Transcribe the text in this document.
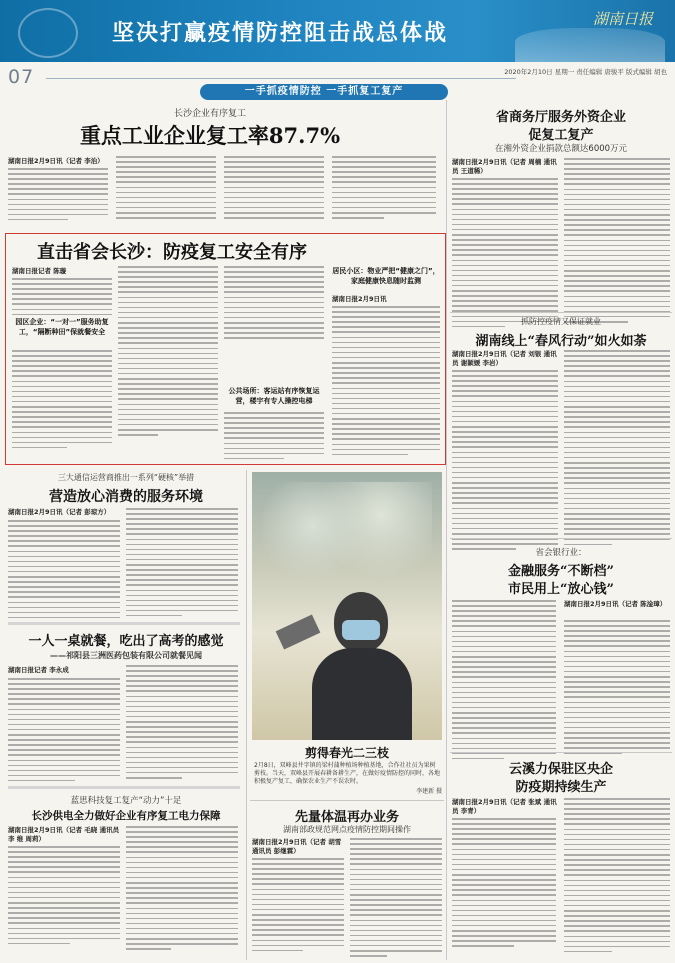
坚决打赢疫情防控阻击战总体战
湖南日报
07	2020年2月10日 星期一 责任编辑 唐骏平 版式编辑 胡也
一手抓疫情防控 一手抓复工复产
长沙企业有序复工
重点工业企业复工率87.7%
湖南日报2月9日讯（记者 李治）
直击省会长沙：防疫复工安全有序
湖南日报记者 陈璇
园区企业：“一对一”服务助复工，“隔断种田”保就餐安全
公共场所：客运站有序恢复运营，楼宇有专人操控电梯
居民小区：物业严把“健康之门”，家庭健康快息随时监测
湖南日报2月9日讯
省商务厅服务外资企业
促复工复产
在湘外资企业捐款总额达6000万元
湖南日报2月9日讯（记者 周楠 通讯员 王道稀）
抓防控疫情又保证就业
湖南线上“春风行动”如火如荼
湖南日报2月9日讯（记者 刘银 通讯员 谢颖媛 李岩）
省会银行业：
金融服务“不断档”
市民用上“放心钱”
湖南日报2月9日讯（记者 陈淦璋）
云溪力保驻区央企
防疫期持续生产
湖南日报2月9日讯（记者 张斌 通讯员 李青）
三大通信运营商推出一系列“硬核”举措
营造放心消费的服务环境
湖南日报2月9日讯（记者 彭琼方）
一人一桌就餐，吃出了高考的感觉
——祁阳县三洲医药包装有限公司就餐见闻
湖南日报记者 李永成
蓝思科技复工复产“动力”十足
长沙供电全力做好企业有序复工电力保障
湖南日报2月9日讯（记者 毛晓 通讯员 李 维 周莉）
剪得春光二三枝
2月8日，双峰县井字镇的梁村蒲种植场种植基地，合作社社员为果树剪枝。当天，双峰县开展春耕备耕生产，在做好疫情防控的同时，各地积极复产复工，确保农业生产不误农时。
李建新 摄
先量体温再办业务
湖南部政规范网点疫情防控期间操作
湖南日报2月9日讯（记者 胡雪 通讯员 彭继霖）
